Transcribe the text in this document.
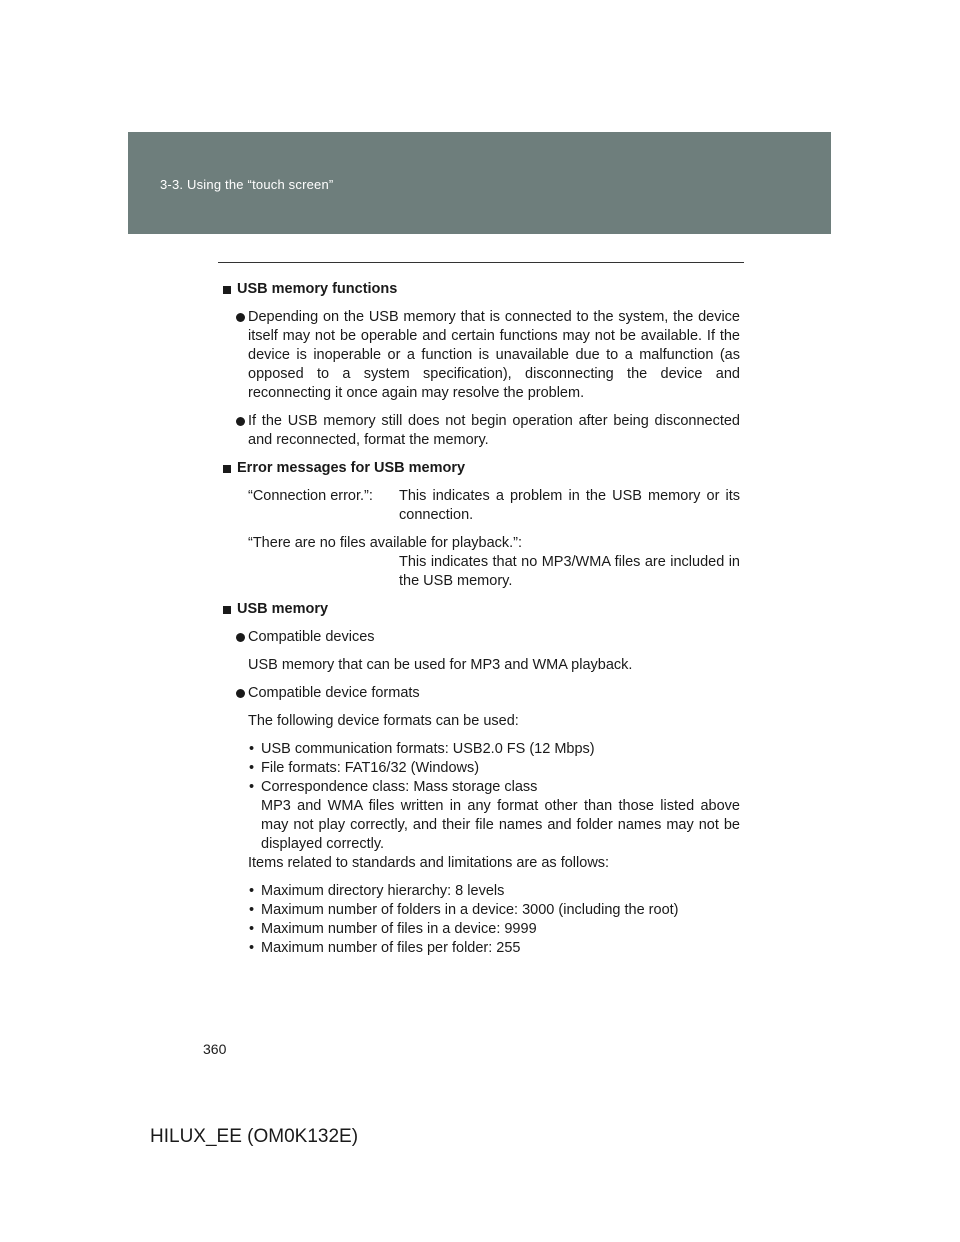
3-3. Using the “touch screen”
USB memory functions
Depending on the USB memory that is connected to the system, the device itself may not be operable and certain functions may not be available. If the device is inoperable or a function is unavailable due to a malfunction (as opposed to a system specification), disconnecting the device and reconnecting it once again may resolve the problem.
If the USB memory still does not begin operation after being disconnected and reconnected, format the memory.
Error messages for USB memory
“Connection error.”:	This indicates a problem in the USB memory or its connection.
“There are no files available for playback.”:
This indicates that no MP3/WMA files are included in the USB memory.
USB memory
Compatible devices
USB memory that can be used for MP3 and WMA playback.
Compatible device formats
The following device formats can be used:
• USB communication formats: USB2.0 FS (12 Mbps)
• File formats: FAT16/32 (Windows)
• Correspondence class: Mass storage class
MP3 and WMA files written in any format other than those listed above may not play correctly, and their file names and folder names may not be displayed correctly.
Items related to standards and limitations are as follows:
• Maximum directory hierarchy: 8 levels
• Maximum number of folders in a device: 3000 (including the root)
• Maximum number of files in a device: 9999
• Maximum number of files per folder: 255
360
HILUX_EE (OM0K132E)
